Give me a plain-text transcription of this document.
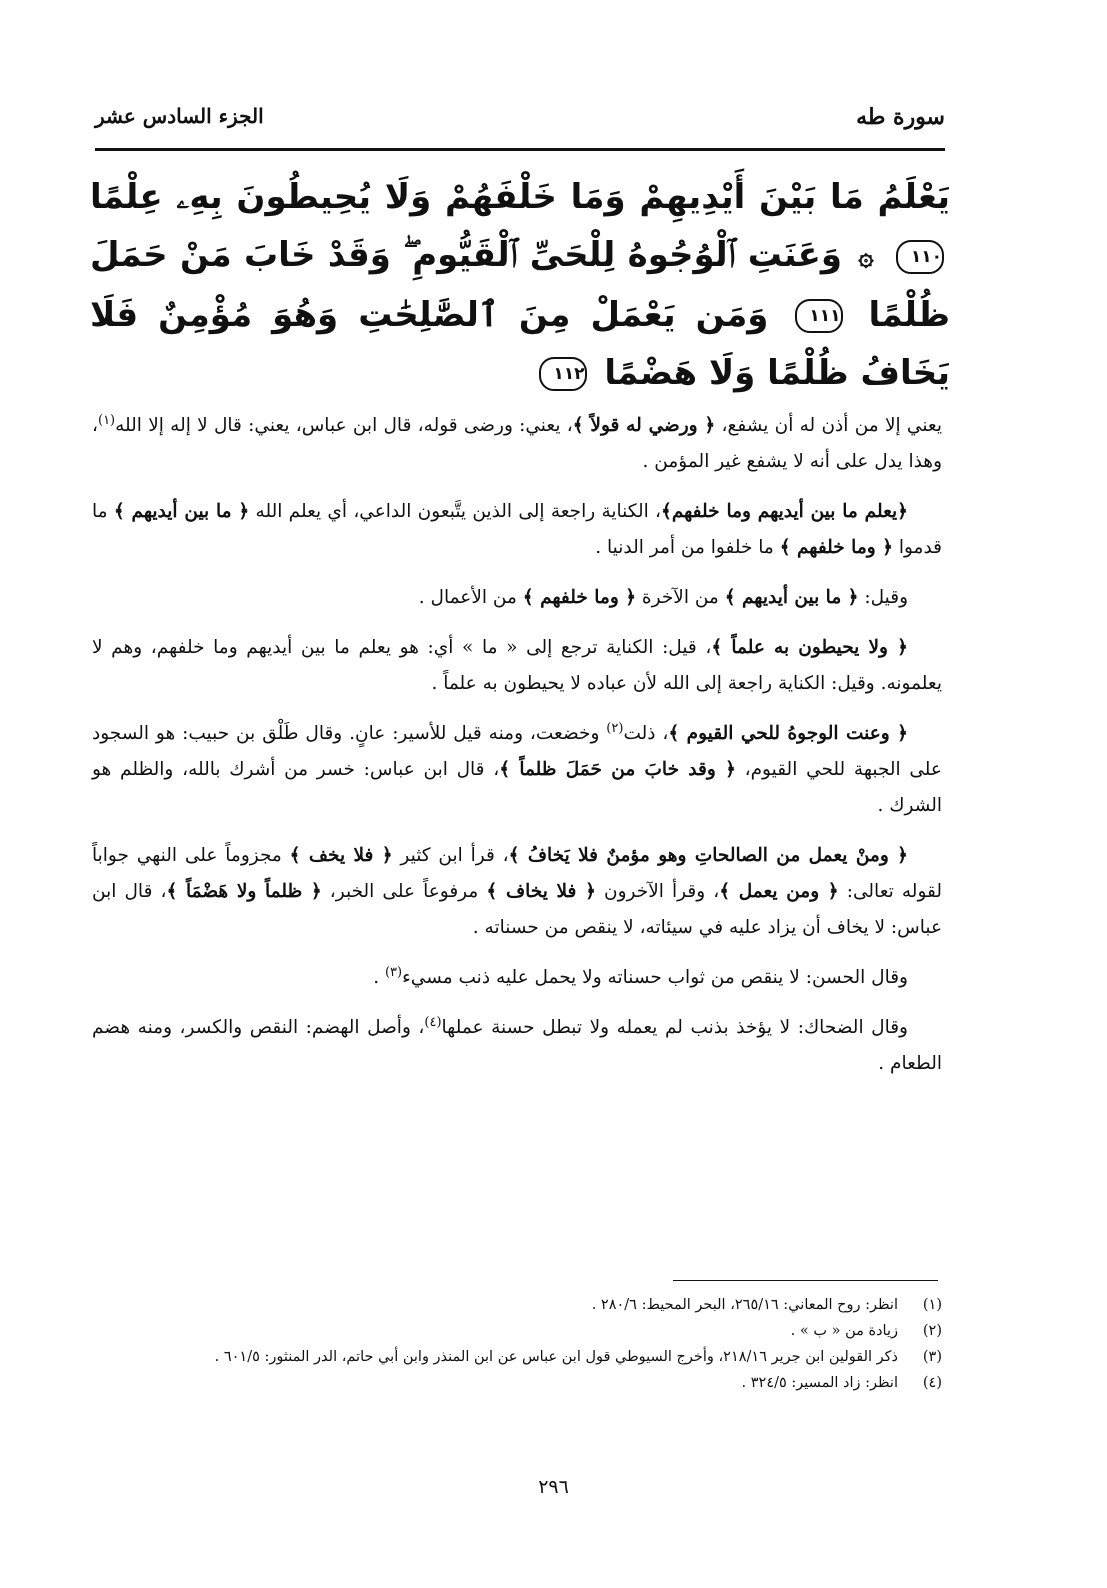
سورة طه
الجزء السادس عشر
يَعْلَمُ مَا بَيْنَ أَيْدِيهِمْ وَمَا خَلْفَهُمْ وَلَا يُحِيطُونَ بِهِۦ عِلْمًا ١١٠ ۞ وَعَنَتِ ٱلْوُجُوهُ لِلْحَىِّ ٱلْقَيُّومِ ۖ وَقَدْ خَابَ مَنْ حَمَلَ ظُلْمًا ١١١ وَمَن يَعْمَلْ مِنَ ٱلصَّٰلِحَٰتِ وَهُوَ مُؤْمِنٌ فَلَا يَخَافُ ظُلْمًا وَلَا هَضْمًا ١١٢

يعني إلا من أذن له أن يشفع، ﴿ ورضي له قولاً ﴾، يعني: ورضى قوله، قال ابن عباس، يعني: قال لا إله إلا الله$^{(١)}$، وهذا يدل على أنه لا يشفع غير المؤمن .

﴿يعلم ما بين أيديهم وما خلفهم﴾، الكناية راجعة إلى الذين يتَّبعون الداعي، أي يعلم الله ﴿ ما بين أيديهم ﴾ ما قدموا ﴿ وما خلفهم ﴾ ما خلفوا من أمر الدنيا .

وقيل: ﴿ ما بين أيديهم ﴾ من الآخرة ﴿ وما خلفهم ﴾ من الأعمال .

﴿ ولا يحيطون به علماً ﴾، قيل: الكناية ترجع إلى « ما » أي: هو يعلم ما بين أيديهم وما خلفهم، وهم لا يعلمونه. وقيل: الكناية راجعة إلى الله لأن عباده لا يحيطون به علماً .

﴿ وعنت الوجوهُ للحي القيوم ﴾، ذلت$^{(٢)}$ وخضعت، ومنه قيل للأسير: عانٍ. وقال طَلْق بن حبيب: هو السجود على الجبهة للحي القيوم، ﴿ وقد خابَ من حَمَلَ ظلماً ﴾، قال ابن عباس: خسر من أشرك بالله، والظلم هو الشرك .

﴿ ومنْ يعمل من الصالحاتِ وهو مؤمنٌ فلا يَخافُ ﴾، قرأ ابن كثير ﴿ فلا يخف ﴾ مجزوماً على النهي جواباً لقوله تعالى: ﴿ ومن يعمل ﴾، وقرأ الآخرون ﴿ فلا يخاف ﴾ مرفوعاً على الخبر، ﴿ ظلماً ولا هَضْمَاً ﴾، قال ابن عباس: لا يخاف أن يزاد عليه في سيئاته، لا ينقص من حسناته .

وقال الحسن: لا ينقص من ثواب حسناته ولا يحمل عليه ذنب مسيء$^{(٣)}$ .

وقال الضحاك: لا يؤخذ بذنب لم يعمله ولا تبطل حسنة عملها$^{(٤)}$، وأصل الهضم: النقص والكسر، ومنه هضم الطعام .

(١)
انظر: روح المعاني: ٢٦٥/١٦، البحر المحيط: ٢٨٠/٦ .
(٢)
زيادة من « ب » .
(٣)
ذكر القولين ابن جرير ٢١٨/١٦، وأخرج السيوطي قول ابن عباس عن ابن المنذر وابن أبي حاتم، الدر المنثور: ٦٠١/٥ .
(٤)
انظر: زاد المسير: ٣٢٤/٥ .
٢٩٦
